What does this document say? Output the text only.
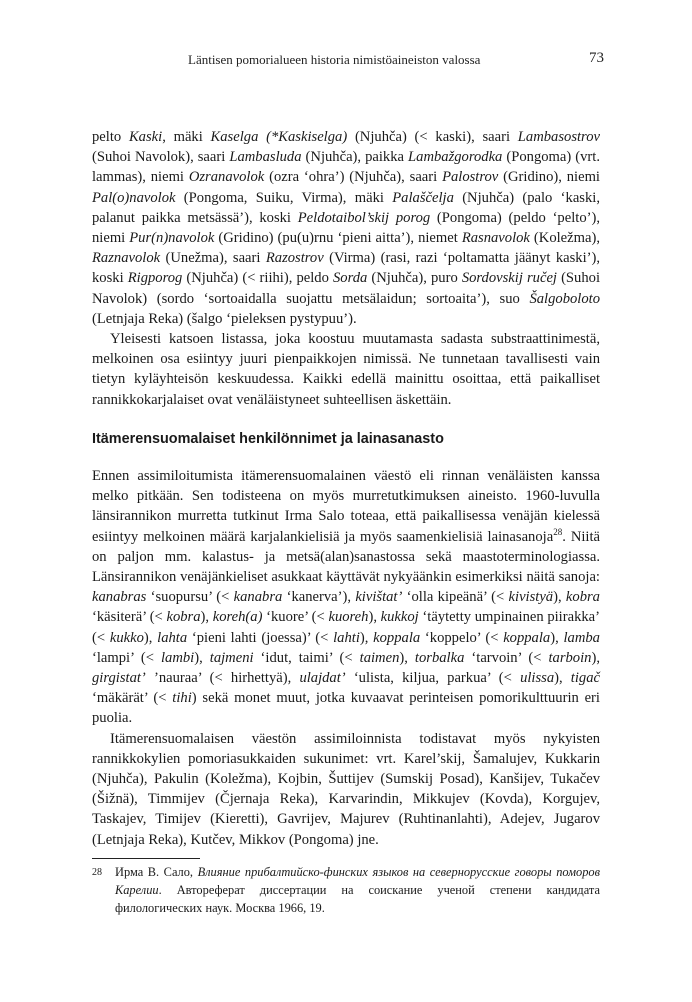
Läntisen pomorialueen historia nimistöaineiston valossa	73

pelto Kaski, mäki Kaselga (*Kaskiselga) (Njuhča) (< kaski), saari Lambasostrov (Suhoi Navolok), saari Lambasluda (Njuhča), paikka Lambažgorodka (Pongoma) (vrt. lammas), niemi Ozranavolok (ozra ‘ohra’) (Njuhča), saari Palostrov (Gridino), niemi Pal(o)navolok (Pongoma, Suiku, Virma), mäki Palaščelja (Njuhča) (palo ‘kaski, palanut paikka metsässä’), koski Peldotaibol’skij porog (Pongoma) (peldo ‘pelto’), niemi Pur(n)navolok (Gridino) (pu(u)rnu ‘pieni aitta’), niemet Rasnavolok (Koležma), Raznavolok (Unežma), saari Razostrov (Virma) (rasi, razi ‘poltamatta jäänyt kaski’), koski Rigporog (Njuhča) (< riihi), peldo Sorda (Njuhča), puro Sordovskij ručej (Suhoi Navolok) (sordo ‘sortoaidalla suojattu metsälaidun; sortoaita’), suo Šalgoboloto (Letnjaja Reka) (šalgo ‘pieleksen pystypuu’).

Yleisesti katsoen listassa, joka koostuu muutamasta sadasta substraattinimestä, melkoinen osa esiintyy juuri pienpaikkojen nimissä. Ne tunnetaan tavallisesti vain tietyn kyläyhteisön keskuudessa. Kaikki edellä mainittu osoittaa, että paikalliset rannikkokarjalaiset ovat venäläistyneet suhteellisen äskettäin.

Itämerensuomalaiset henkilönnimet ja lainasanasto

Ennen assimiloitumista itämerensuomalainen väestö eli rinnan venäläisten kanssa melko pitkään. Sen todisteena on myös murretutkimuksen aineisto. 1960-luvulla länsirannikon murretta tutkinut Irma Salo toteaa, että paikallisessa venäjän kielessä esiintyy melkoinen määrä karjalankielisiä ja myös saamenkielisiä lainasanoja$^{28}$. Niitä on paljon mm. kalastus- ja metsä(alan)sanastossa sekä maastoterminologiassa. Länsirannikon venäjänkieliset asukkaat käyttävät nykyäänkin esimerkiksi näitä sanoja: kanabras ‘suopursu’ (< kanabra ‘kanerva’), kivištat’ ‘olla kipeänä’ (< kivistyä), kobra ‘käsiterä’ (< kobra), koreh(a) ‘kuore’ (< kuoreh), kukkoj ‘täytetty umpinainen piirakka’ (< kukko), lahta ‘pieni lahti (joessa)’ (< lahti), koppala ‘koppelo’ (< koppala), lamba ‘lampi’ (< lambi), tajmeni ‘idut, taimi’ (< taimen), torbalka ‘tarvoin’ (< tarboin), girgistat’ ’nauraa’ (< hirhettyä), ulajdat’ ‘ulista, kiljua, parkua’ (< ulissa), tigač ‘mäkärät’ (< tihi) sekä monet muut, jotka kuvaavat perinteisen pomorikulttuurin eri puolia.

Itämerensuomalaisen väestön assimiloinnista todistavat myös nykyisten rannikkokylien pomoriasukkaiden sukunimet: vrt. Karel’skij, Šamalujev, Kukkarin (Njuhča), Pakulin (Koležma), Kojbin, Šuttijev (Sumskij Posad), Kanšijev, Tukačev (Šižnä), Timmijev (Čjernaja Reka), Karvarindin, Mikkujev (Kovda), Korgujev, Taskajev, Timijev (Kieretti), Gavrijev, Majurev (Ruhtinanlahti), Adejev, Jugarov (Letnjaja Reka), Kutčev, Mikkov (Pongoma) jne.

28	Ирма В. Сало, Влияние прибалтийско-финских языков на севернорусские говоры поморов Карелии. Автореферат диссертации на соискание ученой степени кандидата филологических наук. Москва 1966, 19.
